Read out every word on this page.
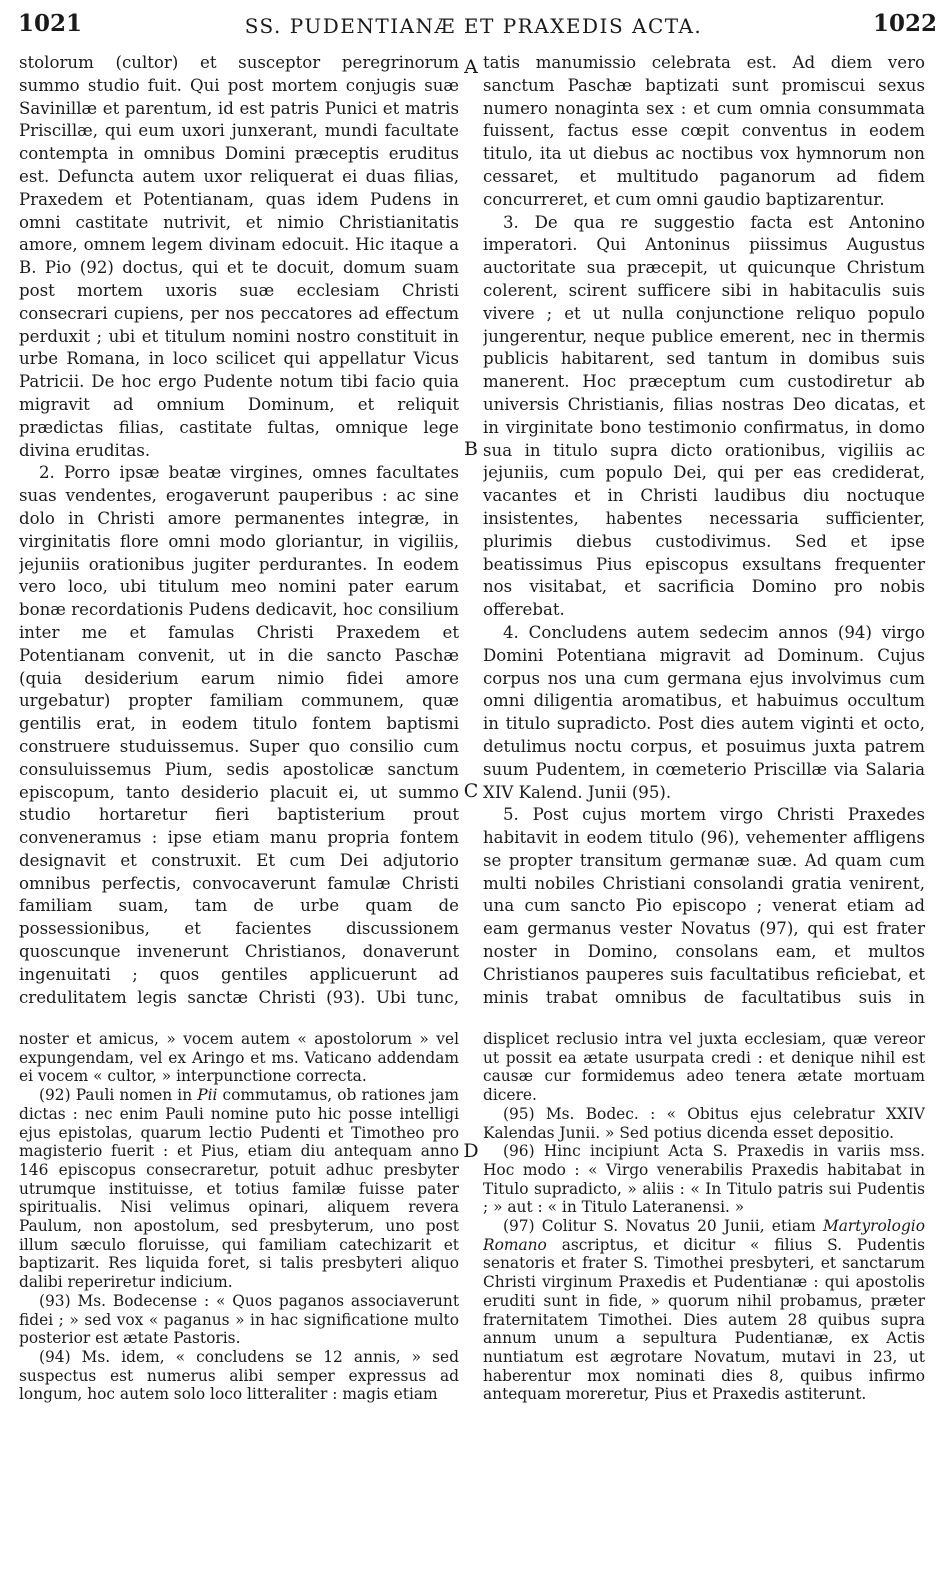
1021	SS. PUDENTIANÆ ET PRAXEDIS ACTA.	1022

stolorum (cultor) et susceptor peregrinorum summo studio fuit. Qui post mortem conjugis suæ Savinillæ et parentum, id est patris Punici et matris Priscillæ, qui eum uxori junxerant, mundi facultate contempta in omnibus Domini præceptis eruditus est. Defuncta autem uxor reliquerat ei duas filias, Praxedem et Potentianam, quas idem Pudens in omni castitate nutrivit, et nimio Christianitatis amore, omnem legem divinam edocuit. Hic itaque a B. Pio (92) doctus, qui et te docuit, domum suam post mortem uxoris suæ ecclesiam Christi consecrari cupiens, per nos peccatores ad effectum perduxit ; ubi et titulum nomini nostro constituit in urbe Romana, in loco scilicet qui appellatur Vicus Patricii. De hoc ergo Pudente notum tibi facio quia migravit ad omnium Dominum, et reliquit prædictas filias, castitate fultas, omnique lege divina eruditas.

2. Porro ipsæ beatæ virgines, omnes facultates suas vendentes, erogaverunt pauperibus : ac sine dolo in Christi amore permanentes integræ, in virginitatis flore omni modo gloriantur, in vigiliis, jejuniis orationibus jugiter perdurantes. In eodem vero loco, ubi titulum meo nomini pater earum bonæ recordationis Pudens dedicavit, hoc consilium inter me et famulas Christi Praxedem et Potentianam convenit, ut in die sancto Paschæ (quia desiderium earum nimio fidei amore urgebatur) propter familiam communem, quæ gentilis erat, in eodem titulo fontem baptismi construere studuissemus. Super quo consilio cum consuluissemus Pium, sedis apostolicæ sanctum episcopum, tanto desiderio placuit ei, ut summo studio hortaretur fieri baptisterium prout conveneramus : ipse etiam manu propria fontem designavit et construxit. Et cum Dei adjutorio omnibus perfectis, convocaverunt famulæ Christi familiam suam, tam de urbe quam de possessionibus, et facientes discussionem quoscunque invenerunt Christianos, donaverunt ingenuitati ; quos gentiles applicuerunt ad credulitatem legis sanctæ Christi (93). Ubi tunc,

tatis manumissio celebrata est. Ad diem vero sanctum Paschæ baptizati sunt promiscui sexus numero nonaginta sex : et cum omnia consummata fuissent, factus esse cœpit conventus in eodem titulo, ita ut diebus ac noctibus vox hymnorum non cessaret, et multitudo paganorum ad fidem concurreret, et cum omni gaudio baptizarentur.

3. De qua re suggestio facta est Antonino imperatori. Qui Antoninus piissimus Augustus auctoritate sua præcepit, ut quicunque Christum colerent, scirent sufficere sibi in habitaculis suis vivere ; et ut nulla conjunctione reliquo populo jungerentur, neque publice emerent, nec in thermis publicis habitarent, sed tantum in domibus suis manerent. Hoc præceptum cum custodiretur ab universis Christianis, filias nostras Deo dicatas, et in virginitate bono testimonio confirmatus, in domo sua in titulo supra dicto orationibus, vigiliis ac jejuniis, cum populo Dei, qui per eas crediderat, vacantes et in Christi laudibus diu noctuque insistentes, habentes necessaria sufficienter, plurimis diebus custodivimus. Sed et ipse beatissimus Pius episcopus exsultans frequenter nos visitabat, et sacrificia Domino pro nobis offerebat.

4. Concludens autem sedecim annos (94) virgo Domini Potentiana migravit ad Dominum. Cujus corpus nos una cum germana ejus involvimus cum omni diligentia aromatibus, et habuimus occultum in titulo supradicto. Post dies autem viginti et octo, detulimus noctu corpus, et posuimus juxta patrem suum Pudentem, in cœmeterio Priscillæ via Salaria XIV Kalend. Junii (95).

5. Post cujus mortem virgo Christi Praxedes habitavit in eodem titulo (96), vehementer affligens se propter transitum germanæ suæ. Ad quam cum multi nobiles Christiani consolandi gratia venirent, una cum sancto Pio episcopo ; venerat etiam ad eam germanus vester Novatus (97), qui est frater noster in Domino, consolans eam, et multos Christianos pauperes suis facultatibus reficiebat, et minis trabat omnibus de facultatibus suis in

A
B
C
D

noster et amicus, » vocem autem « apostolorum » vel expungendam, vel ex Aringo et ms. Vaticano addendam ei vocem « cultor, » interpunctione correcta.

(92) Pauli nomen in Pii commutamus, ob rationes jam dictas : nec enim Pauli nomine puto hic posse intelligi ejus epistolas, quarum lectio Pudenti et Timotheo pro magisterio fuerit : et Pius, etiam diu antequam anno 146 episcopus consecraretur, potuit adhuc presbyter utrumque instituisse, et totius familæ fuisse pater spiritualis. Nisi velimus opinari, aliquem revera Paulum, non apostolum, sed presbyterum, uno post illum sæculo floruisse, qui familiam catechizarit et baptizarit. Res liquida foret, si talis presbyteri aliquo dalibi reperiretur indicium.

(93) Ms. Bodecense : « Quos paganos associaverunt fidei ; » sed vox « paganus » in hac significatione multo posterior est ætate Pastoris.

(94) Ms. idem, « concludens se 12 annis, » sed suspectus est numerus alibi semper expressus ad longum, hoc autem solo loco litteraliter : magis etiam

displicet reclusio intra vel juxta ecclesiam, quæ vereor ut possit ea ætate usurpata credi : et denique nihil est causæ cur formidemus adeo tenera ætate mortuam dicere.

(95) Ms. Bodec. : « Obitus ejus celebratur XXIV Kalendas Junii. » Sed potius dicenda esset depositio.

(96) Hinc incipiunt Acta S. Praxedis in variis mss. Hoc modo : « Virgo venerabilis Praxedis habitabat in Titulo supradicto, » aliis : « In Titulo patris sui Pudentis ; » aut : « in Titulo Lateranensi. »

(97) Colitur S. Novatus 20 Junii, etiam Martyrologio Romano ascriptus, et dicitur « filius S. Pudentis senatoris et frater S. Timothei presbyteri, et sanctarum Christi virginum Praxedis et Pudentianæ : qui apostolis eruditi sunt in fide, » quorum nihil probamus, præter fraternitatem Timothei. Dies autem 28 quibus supra annum unum a sepultura Pudentianæ, ex Actis nuntiatum est ægrotare Novatum, mutavi in 23, ut haberentur mox nominati dies 8, quibus infirmo antequam moreretur, Pius et Praxedis astiterunt.
